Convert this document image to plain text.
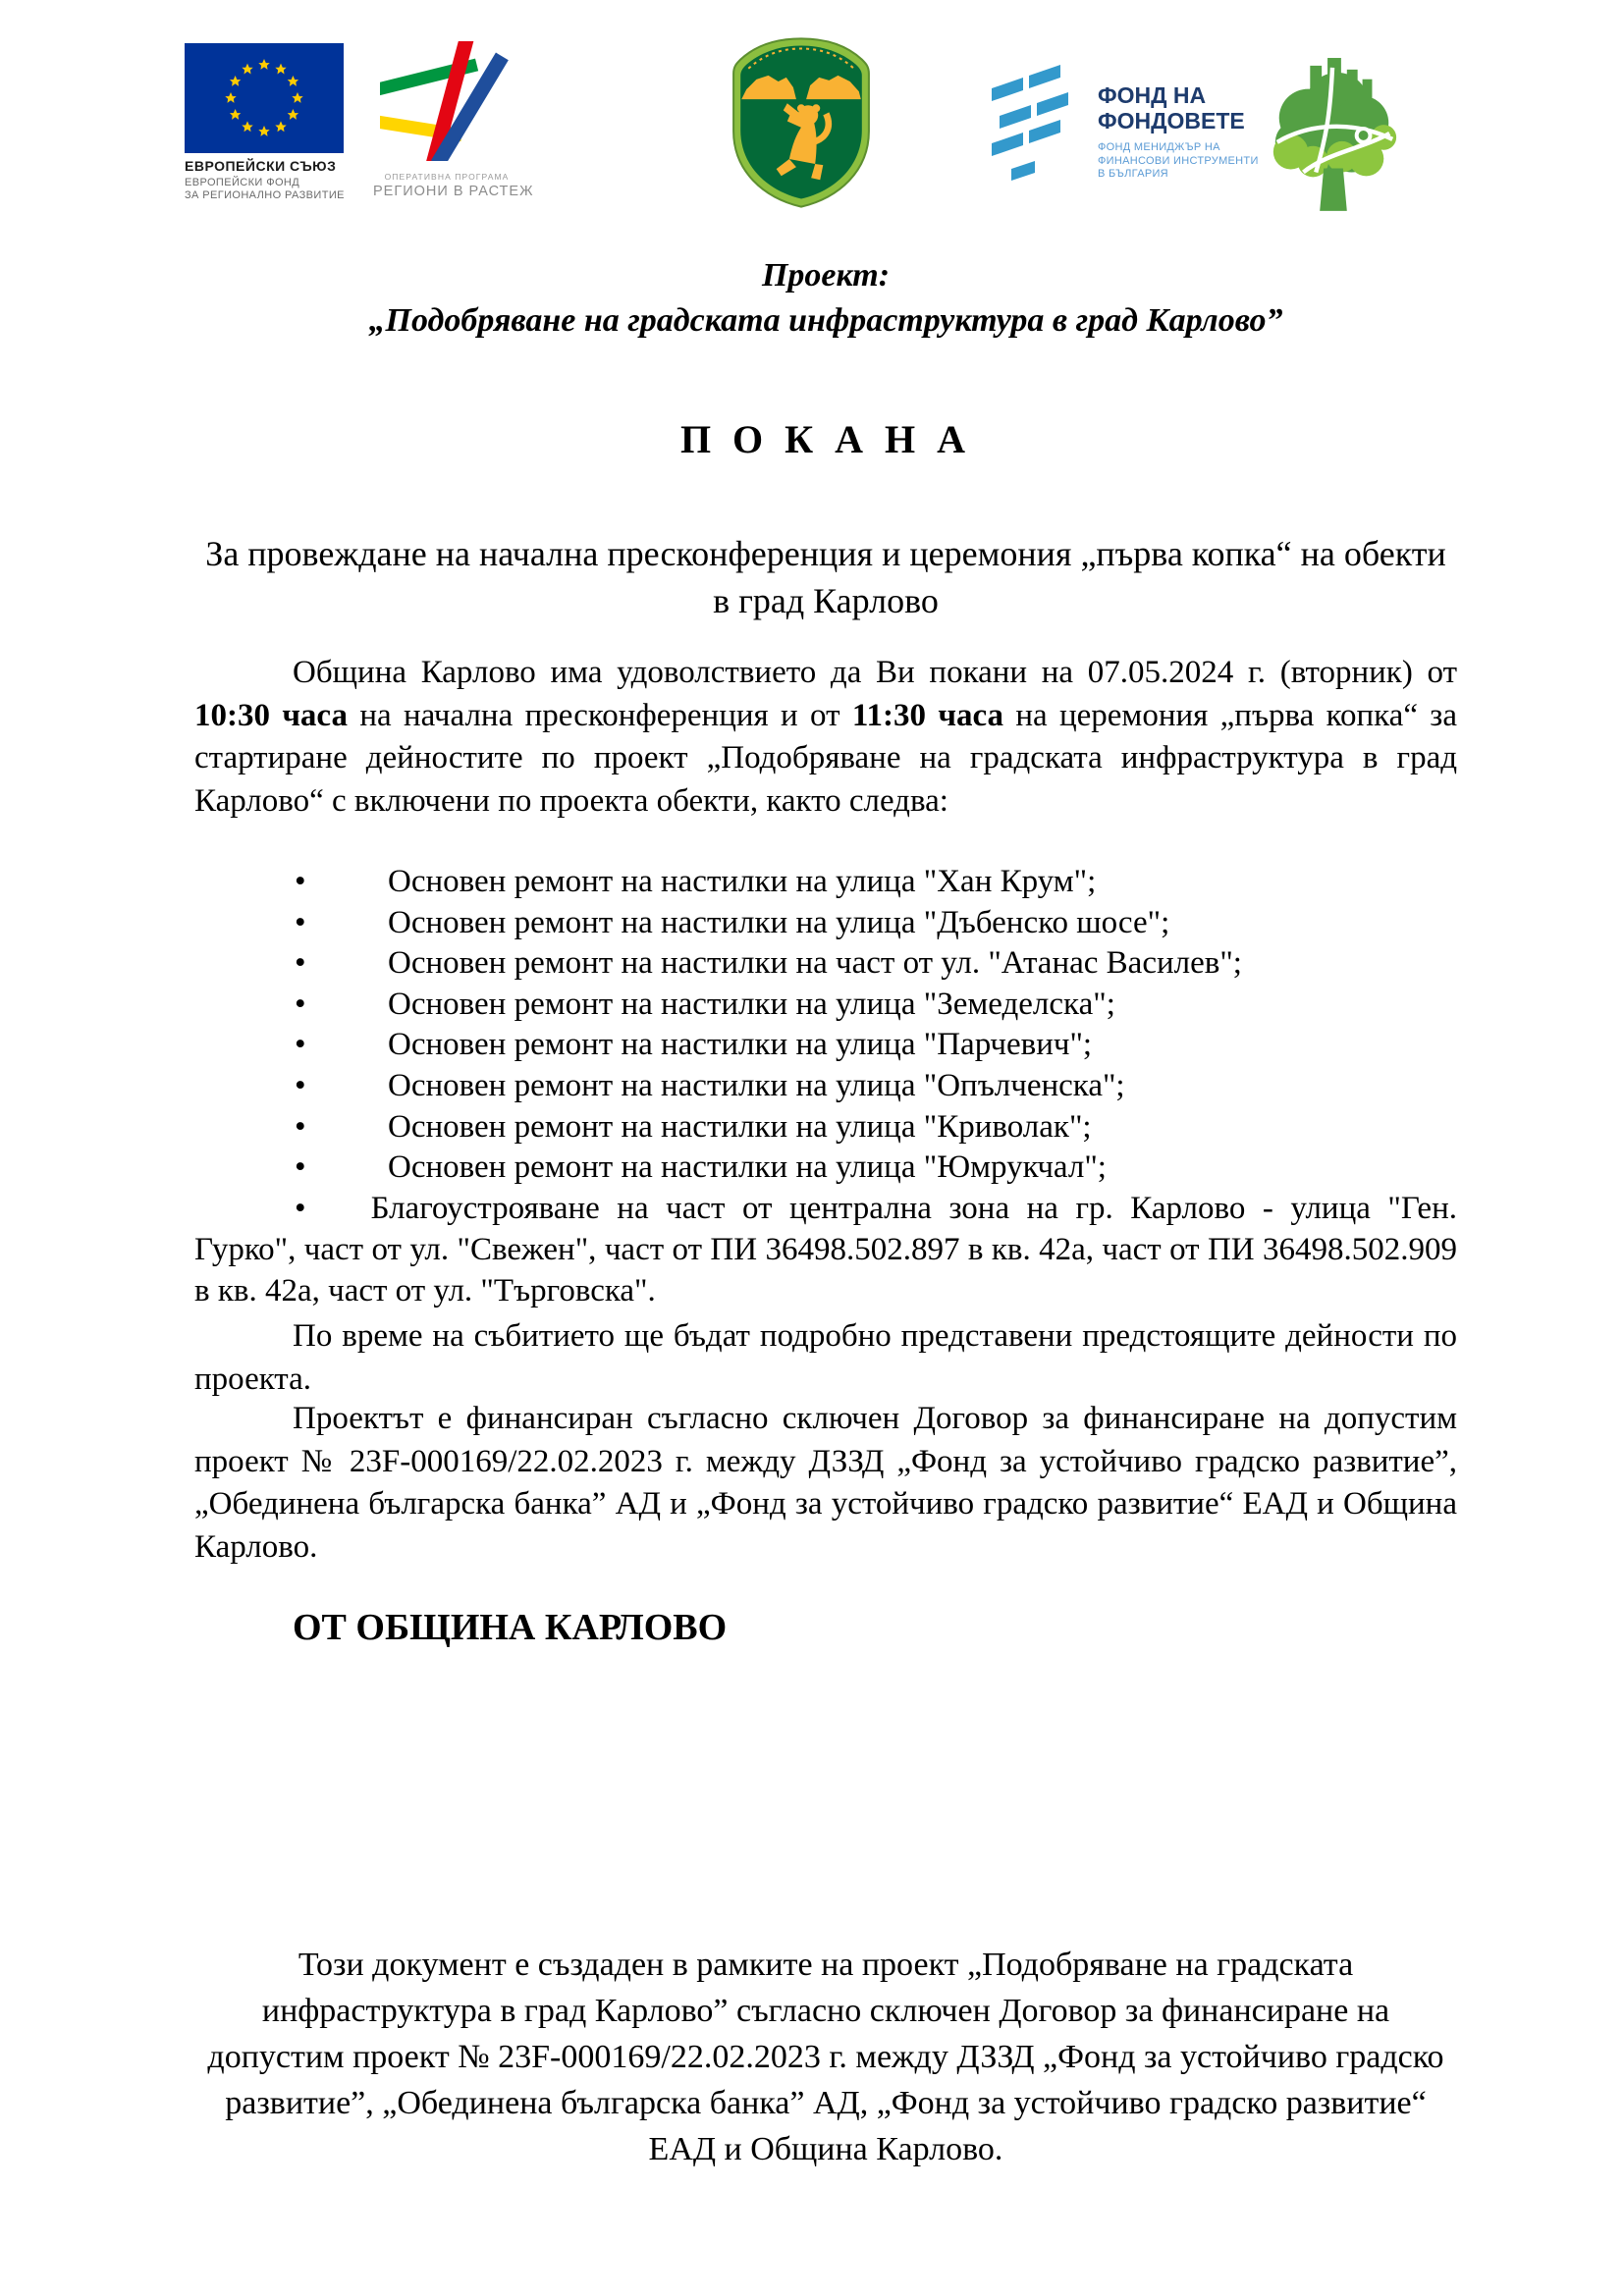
ЕВРОПЕЙСКИ СЪЮЗ
ЕВРОПЕЙСКИ ФОНД
ЗА РЕГИОНАЛНО РАЗВИТИЕ
ОПЕРАТИВНА ПРОГРАМА
РЕГИОНИ В РАСТЕЖ
ФОНД НА
ФОНДОВЕТЕ
ФОНД МЕНИДЖЪР НА
ФИНАНСОВИ ИНСТРУМЕНТИ
В БЪЛГАРИЯ
Проект:
„Подобряване на градската инфраструктура в град Карлово”
П О К А Н А
За провеждане на начална пресконференция и церемония „първа копка“ на обекти в град Карлово

Община Карлово има удоволствието да Ви покани на 07.05.2024 г. (вторник) от 10:30 часа на начална пресконференция и от 11:30 часа на церемония „първа копка“ за стартиране дейностите по проект „Подобряване на градската инфраструктура в град Карлово“ с включени по проекта обекти, както следва:

•	Основен ремонт на настилки на улица "Хан Крум";
•	Основен ремонт на настилки на улица "Дъбенско шосе";
•	Основен ремонт на настилки на част от ул. "Атанас Василев";
•	Основен ремонт на настилки на улица "Земеделска";
•	Основен ремонт на настилки на улица "Парчевич";
•	Основен ремонт на настилки на улица "Опълченска";
•	Основен ремонт на настилки на улица "Криволак";
•	Основен ремонт на настилки на улица "Юмрукчал";

• Благоустрояване на част от централна зона на гр. Карлово - улица "Ген. Гурко", част от ул. "Свежен", част от ПИ 36498.502.897 в кв. 42а, част от ПИ 36498.502.909 в кв. 42а, част от ул. "Търговска".

По време на събитието ще бъдат подробно представени предстоящите дейности по проекта.

Проектът е финансиран съгласно сключен Договор за финансиране на допустим проект № 23F-000169/22.02.2023 г. между ДЗЗД „Фонд за устойчиво градско развитие”, „Обединена българска банка” АД и „Фонд за устойчиво градско развитие“ ЕАД и Община Карлово.

ОТ ОБЩИНА КАРЛОВО

Този документ е създаден в рамките на проект „Подобряване на градската инфраструктура в град Карлово” съгласно сключен Договор за финансиране на допустим проект № 23F-000169/22.02.2023 г. между ДЗЗД „Фонд за устойчиво градско развитие”, „Обединена българска банка” АД, „Фонд за устойчиво градско развитие“ ЕАД и Община Карлово.
